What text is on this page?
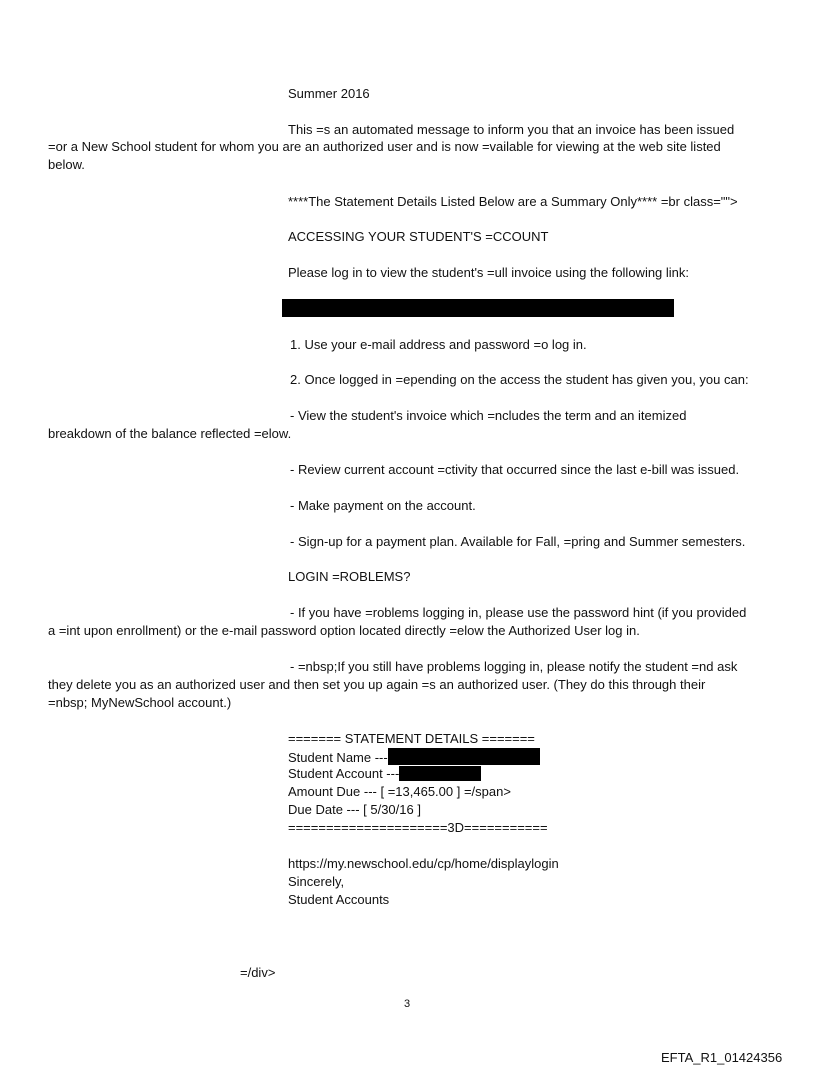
Summer 2016
This =s an automated message to inform you that an invoice has been issued
=or a New School student for whom you are an authorized user and is now =vailable for viewing at the web site listed
below.
****The Statement Details Listed Below are a Summary Only**** =br class="">
ACCESSING YOUR STUDENT'S =CCOUNT
Please log in to view the student's =ull invoice using the following link:
1. Use your e-mail address and password =o log in.
2. Once logged in =epending on the access the student has given you, you can:
- View the student's invoice which =ncludes the term and an itemized
breakdown of the balance reflected =elow.
- Review current account =ctivity that occurred since the last e-bill was issued.
- Make payment on the account.
- Sign-up for a payment plan. Available for Fall, =pring and Summer semesters.
LOGIN =ROBLEMS?
- If you have =roblems logging in, please use the password hint (if you provided
a =int upon enrollment) or the e-mail password option located directly =elow the Authorized User log in.
- =nbsp;If you still have problems logging in, please notify the student =nd ask
they delete you as an authorized user and then set you up again =s an authorized user. (They do this through their
=nbsp; MyNewSchool account.)
======= STATEMENT DETAILS =======
Student Name ---
Student Account ---
Amount Due --- [ =13,465.00 ] =/span>
Due Date --- [ 5/30/16 ]
=====================3D===========
https://my.newschool.edu/cp/home/displaylogin
Sincerely,
Student Accounts
=/div>
3
EFTA_R1_01424356
